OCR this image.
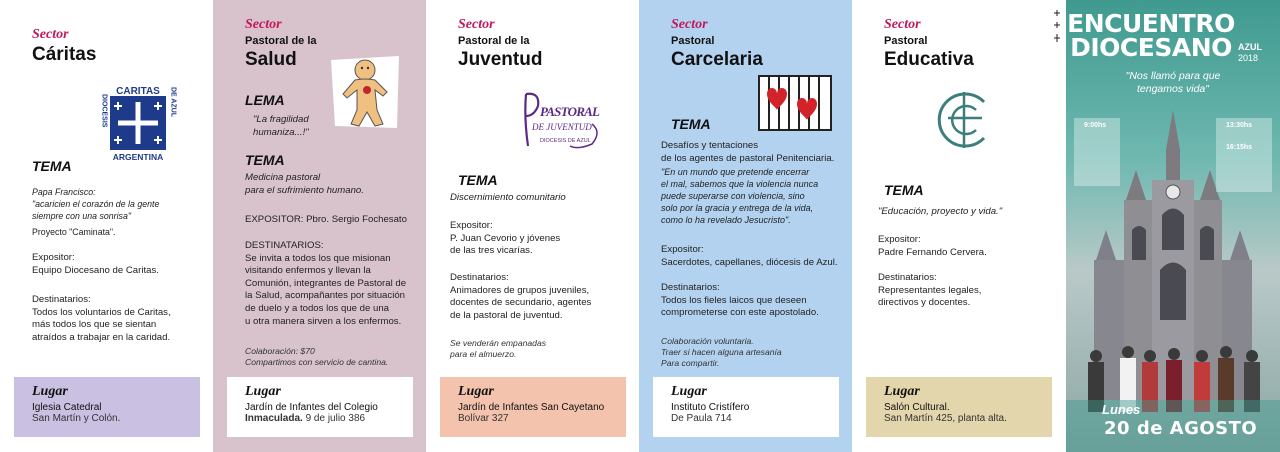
Sector
Cáritas
CARITAS
ARGENTINA
DIOCESIS	DE AZUL
TEMA
Papa Francisco:
"acaricien el corazón de la gente
siempre con una sonrisa"
Proyecto "Caminata".
Expositor:
Equipo Diocesano de Caritas.
Destinatarios:
Todos los voluntarios de Caritas,
más todos los que se sientan
atraídos a trabajar en la caridad.
Lugar
Iglesia Catedral
San Martín y Colón.
Sector
Pastoral de la
Salud
LEMA
"La fragilidad
humaniza...!"
TEMA
Medicina pastoral
para el sufrimiento humano.
EXPOSITOR: Pbro. Sergio Fochesato
DESTINATARIOS:
Se invita a todos los que misionan
visitando enfermos y llevan la
Comunión, integrantes de Pastoral de
la Salud, acompañantes por situación
de duelo y a todos los que de una
u otra manera sirven a los enfermos.
Colaboración: $70
Compartimos con servicio de cantina.
Lugar
Jardín de Infantes del Colegio
Inmaculada. 9 de julio 386
Sector
Pastoral de la
Juventud
PASTORAL
DE JUVENTUD
DIOCESIS DE AZUL
TEMA
Discernimiento comunitario
Expositor:
P. Juan Cevorio y jóvenes
de las tres vicarías.
Destinatarios:
Animadores de grupos juveniles,
docentes de secundario, agentes
de la pastoral de juventud.
Se venderán empanadas
para el almuerzo.
Lugar
Jardín de Infantes San Cayetano
Bolívar 327
Sector
Pastoral
Carcelaria
TEMA
Desafíos y tentaciones
de los agentes de pastoral Penitenciaria.
"En un mundo que pretende encerrar
el mal, sabemos que la violencia nunca
puede superarse con violencia, sino
solo por la gracia y entrega de la vida,
como lo ha revelado Jesucristo".
Expositor:
Sacerdotes, capellanes, diócesis de Azul.
Destinatarios:
Todos los fieles laicos que deseen
comprometerse con este apostolado.
Colaboración voluntaria.
Traer si hacen alguna artesanía
Para compartir.
Lugar
Instituto Cristífero
De Paula 714
Sector
Pastoral
Educativa
TEMA
"Educación, proyecto y vida."
Expositor:
Padre Fernando Cervera.
Destinatarios:
Representantes legales,
directivos y docentes.
Lugar
Salón Cultural.
San Martín 425, planta alta.
ENCUENTRO
DIOCESANO AZUL
2018
"Nos llamó para que
tengamos vida"
9:00hs	13:30hs
16:15hs
Lunes
20 de AGOSTO
